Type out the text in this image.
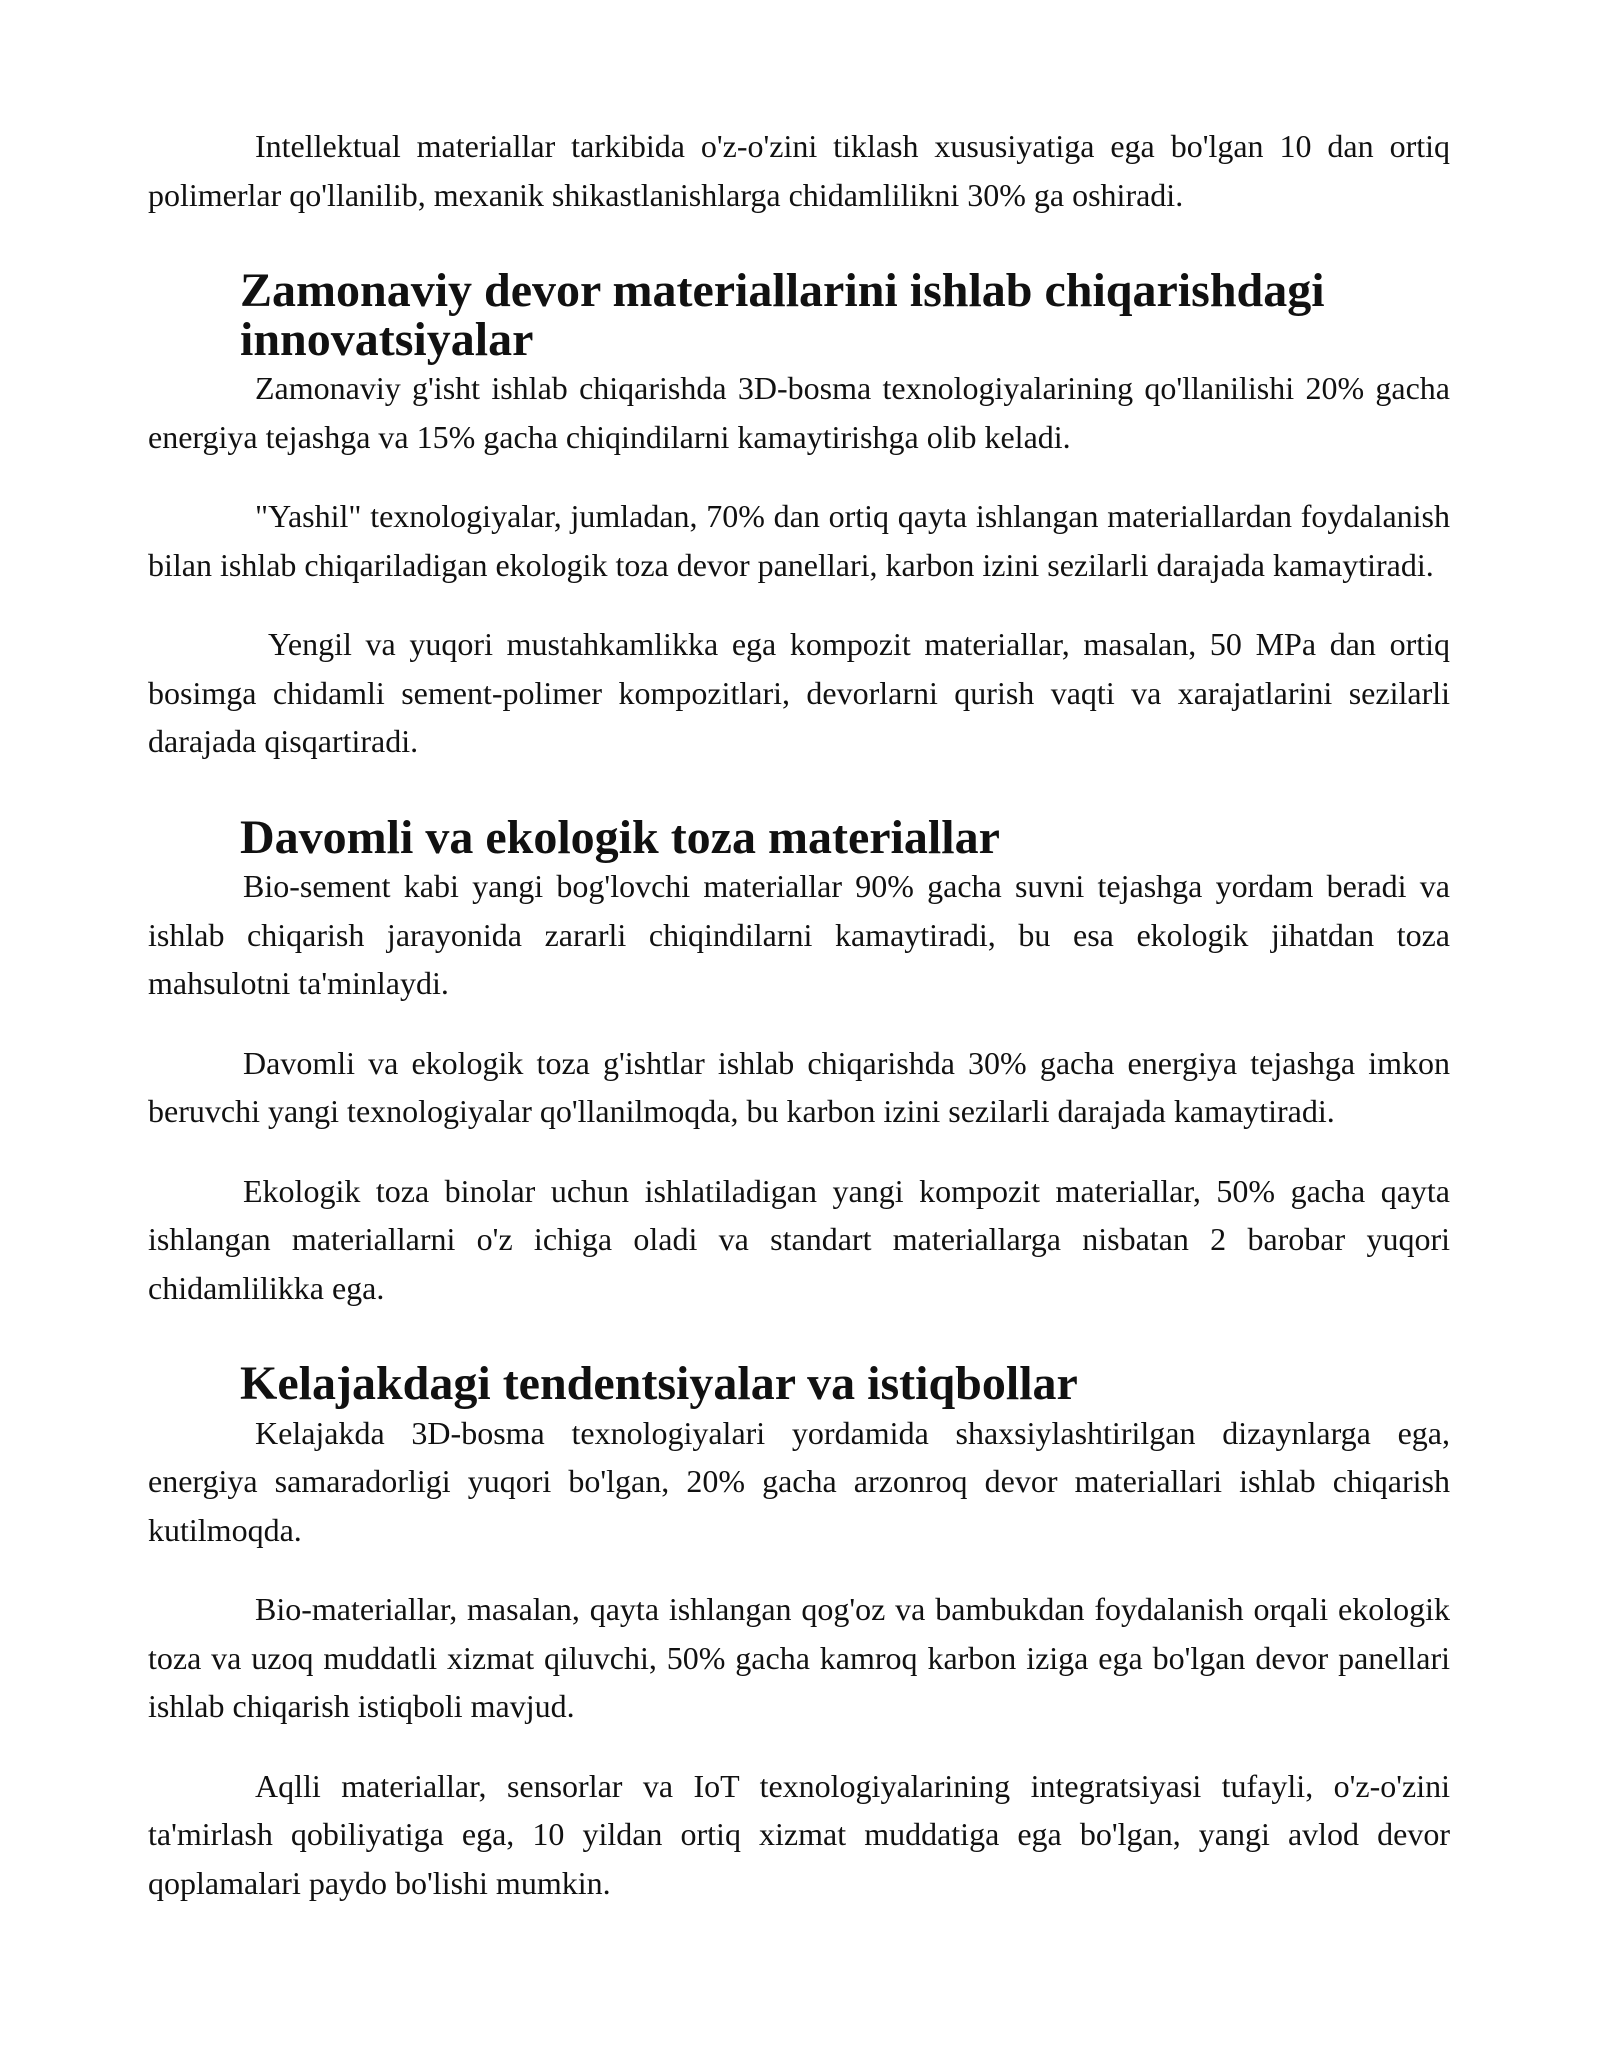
Intellektual materiallar tarkibida o'z-o'zini tiklash xususiyatiga ega bo'lgan 10 dan ortiq polimerlar qo'llanilib, mexanik shikastlanishlarga chidamlilikni 30% ga oshiradi.

Zamonaviy devor materiallarini ishlab chiqarishdagi innovatsiyalar

Zamonaviy g'isht ishlab chiqarishda 3D-bosma texnologiyalarining qo'llanilishi 20% gacha energiya tejashga va 15% gacha chiqindilarni kamaytirishga olib keladi.

"Yashil" texnologiyalar, jumladan, 70% dan ortiq qayta ishlangan materiallardan foydalanish bilan ishlab chiqariladigan ekologik toza devor panellari, karbon izini sezilarli darajada kamaytiradi.

Yengil va yuqori mustahkamlikka ega kompozit materiallar, masalan, 50 MPa dan ortiq bosimga chidamli sement-polimer kompozitlari, devorlarni qurish vaqti va xarajatlarini sezilarli darajada qisqartiradi.

Davomli va ekologik toza materiallar

Bio-sement kabi yangi bog'lovchi materiallar 90% gacha suvni tejashga yordam beradi va ishlab chiqarish jarayonida zararli chiqindilarni kamaytiradi, bu esa ekologik jihatdan toza mahsulotni ta'minlaydi.

Davomli va ekologik toza g'ishtlar ishlab chiqarishda 30% gacha energiya tejashga imkon beruvchi yangi texnologiyalar qo'llanilmoqda, bu karbon izini sezilarli darajada kamaytiradi.

Ekologik toza binolar uchun ishlatiladigan yangi kompozit materiallar, 50% gacha qayta ishlangan materiallarni o'z ichiga oladi va standart materiallarga nisbatan 2 barobar yuqori chidamlilikka ega.

Kelajakdagi tendentsiyalar va istiqbollar

Kelajakda 3D-bosma texnologiyalari yordamida shaxsiylashtirilgan dizaynlarga ega, energiya samaradorligi yuqori bo'lgan, 20% gacha arzonroq devor materiallari ishlab chiqarish kutilmoqda.

Bio-materiallar, masalan, qayta ishlangan qog'oz va bambukdan foydalanish orqali ekologik toza va uzoq muddatli xizmat qiluvchi, 50% gacha kamroq karbon iziga ega bo'lgan devor panellari ishlab chiqarish istiqboli mavjud.

Aqlli materiallar, sensorlar va IoT texnologiyalarining integratsiyasi tufayli, o'z-o'zini ta'mirlash qobiliyatiga ega, 10 yildan ortiq xizmat muddatiga ega bo'lgan, yangi avlod devor qoplamalari paydo bo'lishi mumkin.
